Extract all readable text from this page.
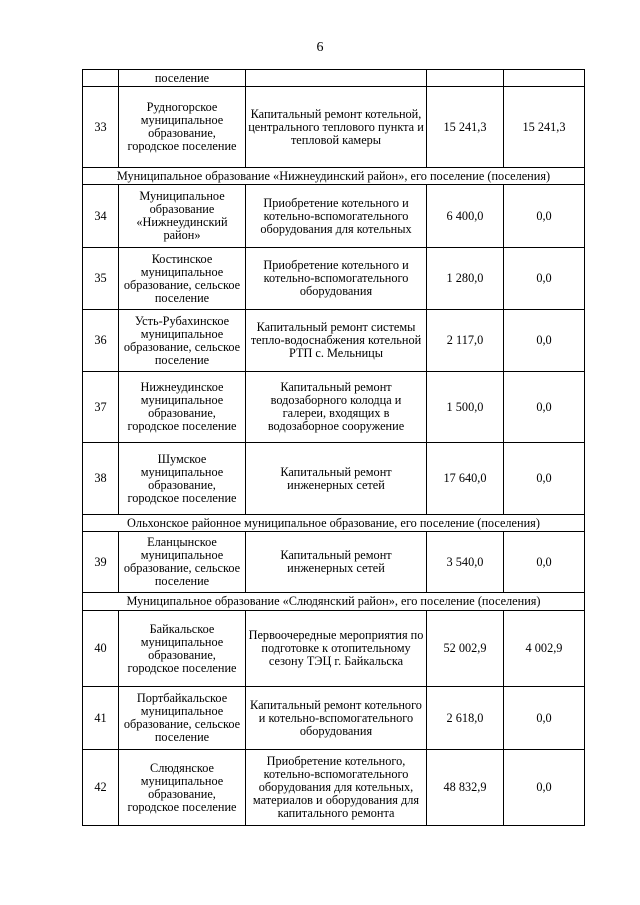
6
	поселение			
33	Рудногорское муниципальное образование, городское поселение	Капитальный ремонт котельной, центрального теплового пункта и тепловой камеры	15 241,3	15 241,3
Муниципальное образование «Нижнеудинский район», его поселение (поселения)				
34	Муниципальное образование «Нижнеудинский район»	Приобретение котельного и котельно-вспомогательного оборудования для котельных	6 400,0	0,0
35	Костинское муниципальное образование, сельское поселение	Приобретение котельного и котельно-вспомогательного оборудования	1 280,0	0,0
36	Усть-Рубахинское муниципальное образование, сельское поселение	Капитальный ремонт системы тепло-водоснабжения котельной РТП с. Мельницы	2 117,0	0,0
37	Нижнеудинское муниципальное образование, городское поселение	Капитальный ремонт водозаборного колодца и галереи, входящих в водозаборное сооружение	1 500,0	0,0
38	Шумское муниципальное образование, городское поселение	Капитальный ремонт инженерных сетей	17 640,0	0,0
Ольхонское районное муниципальное образование, его поселение (поселения)				
39	Еланцынское муниципальное образование, сельское поселение	Капитальный ремонт инженерных сетей	3 540,0	0,0
Муниципальное образование «Слюдянский район», его поселение (поселения)				
40	Байкальское муниципальное образование, городское поселение	Первоочередные мероприятия по подготовке к отопительному сезону ТЭЦ г. Байкальска	52 002,9	4 002,9
41	Портбайкальское муниципальное образование, сельское поселение	Капитальный ремонт котельного и котельно-вспомогательного оборудования	2 618,0	0,0
42	Слюдянское муниципальное образование, городское поселение	Приобретение котельного, котельно-вспомогательного оборудования для котельных, материалов и оборудования для капитального ремонта	48 832,9	0,0
